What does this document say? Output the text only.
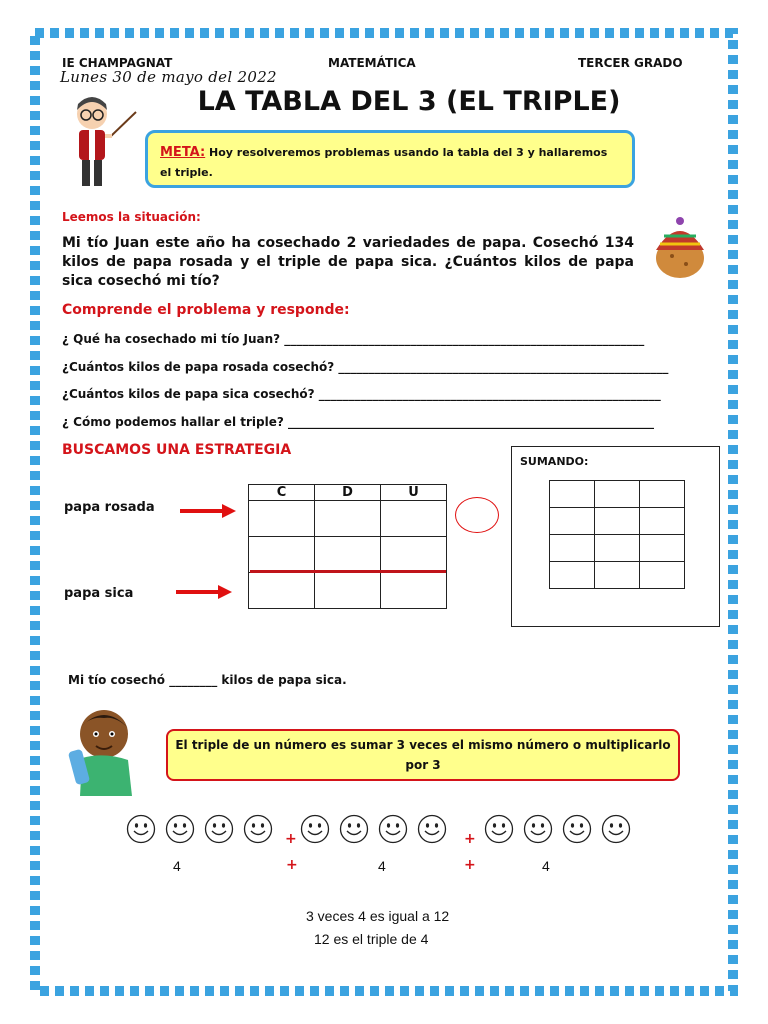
IE CHAMPAGNAT	MATEMÁTICA	TERCER GRADO
Lunes 30 de mayo del 2022
LA TABLA DEL 3 (EL TRIPLE)
META: Hoy resolveremos problemas usando la tabla del 3 y hallaremos el triple.
Leemos la situación:
Mi tío Juan este año ha cosechado 2 variedades de papa. Cosechó 134 kilos de papa rosada y el triple de papa sica. ¿Cuántos kilos de papa sica cosechó mi tío?
Comprende el problema y responde:
¿ Qué ha cosechado mi tío Juan? ____________________________________________________________
¿Cuántos kilos de papa rosada cosechó? _______________________________________________________
¿Cuántos kilos de papa sica cosechó? _________________________________________________________
¿ Cómo podemos hallar el triple? _____________________________________________________________
BUSCAMOS UNA ESTRATEGIA
papa rosada
papa sica
C	D	U

SUMANDO:

Mi tío cosechó ________ kilos de papa sica.
El triple de un número es sumar 3 veces el mismo número o multiplicarlo por 3
+	+
4	+	4	+	4
3 veces 4 es igual a 12
12 es el triple de 4
